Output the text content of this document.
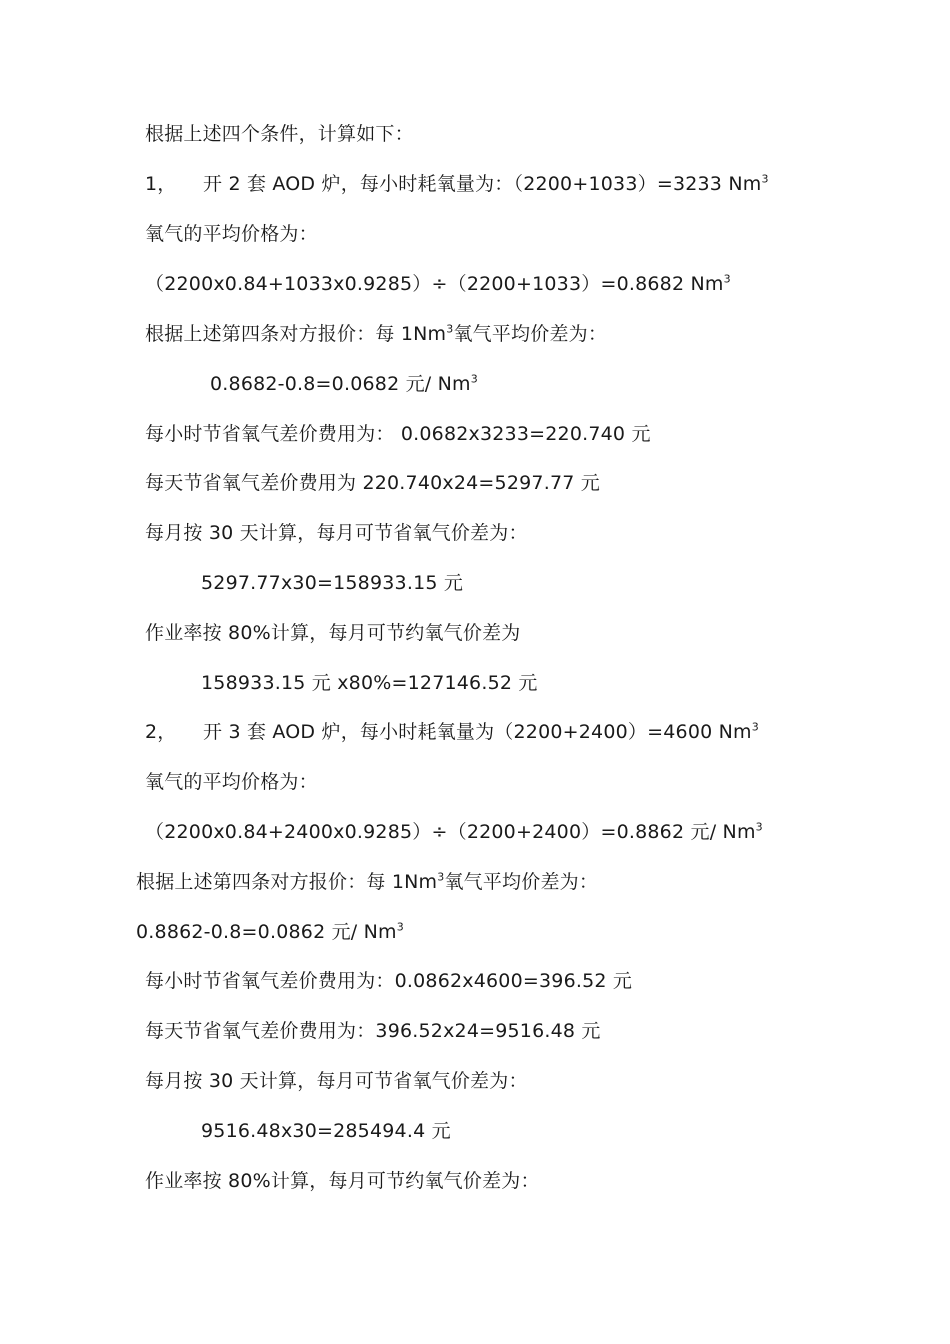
根据上述四个条件，计算如下：
1， 开 2 套 AOD 炉，每小时耗氧量为：（2200+1033）=3233 Nm$^3$
氧气的平均价格为：
（2200x0.84+1033x0.9285）÷（2200+1033）=0.8682 Nm$^3$
根据上述第四条对方报价：每 1Nm$^3$氧气平均价差为：
0.8682-0.8=0.0682 元/ Nm$^3$
每小时节省氧气差价费用为： 0.0682x3233=220.740 元
每天节省氧气差价费用为 220.740x24=5297.77 元
每月按 30 天计算，每月可节省氧气价差为：
5297.77x30=158933.15 元
作业率按 80%计算，每月可节约氧气价差为
158933.15 元 x80%=127146.52 元
2， 开 3 套 AOD 炉，每小时耗氧量为（2200+2400）=4600 Nm$^3$
氧气的平均价格为：
（2200x0.84+2400x0.9285）÷（2200+2400）=0.8862 元/ Nm$^3$
根据上述第四条对方报价：每 1Nm$^3$氧气平均价差为：
0.8862-0.8=0.0862 元/ Nm$^3$
每小时节省氧气差价费用为：0.0862x4600=396.52 元
每天节省氧气差价费用为：396.52x24=9516.48 元
每月按 30 天计算，每月可节省氧气价差为：
9516.48x30=285494.4 元
作业率按 80%计算，每月可节约氧气价差为：
